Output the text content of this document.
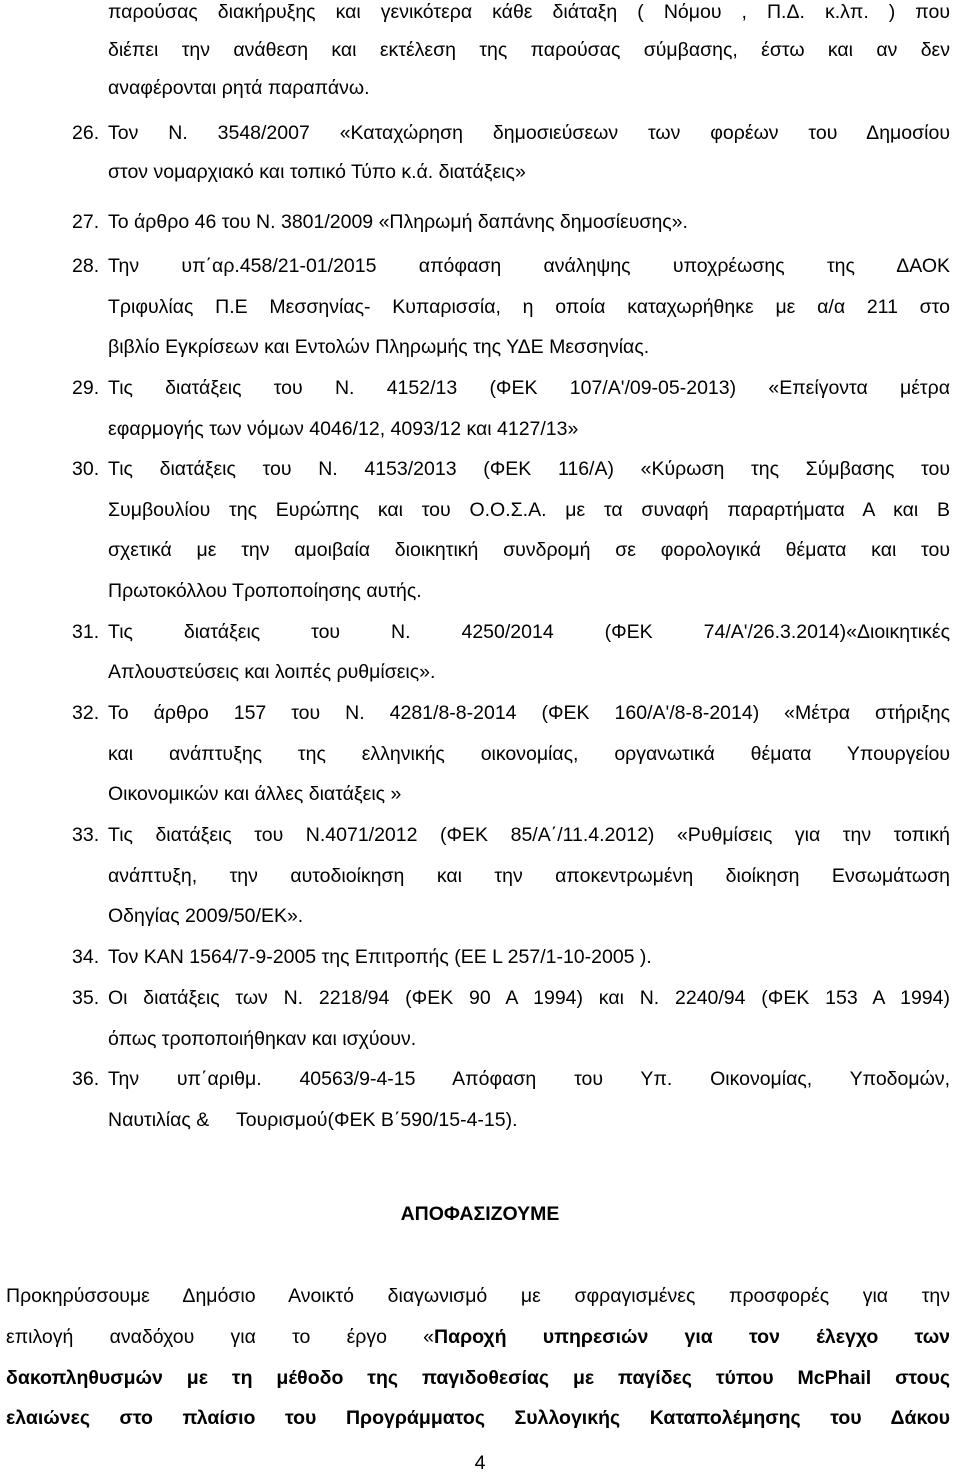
παρούσας διακήρυξης και γενικότερα κάθε διάταξη ( Νόμου , Π.Δ. κ.λπ. ) που
διέπει την ανάθεση και εκτέλεση της παρούσας σύμβασης, έστω και αν δεν
αναφέρονται ρητά παραπάνω.
26. Τον Ν. 3548/2007 «Καταχώρηση δημοσιεύσεων των φορέων του Δημοσίου
στον νομαρχιακό και τοπικό Τύπο κ.ά. διατάξεις»
27. Το άρθρο 46 του Ν. 3801/2009 «Πληρωμή δαπάνης δημοσίευσης».
28. Την υπ΄αρ.458/21-01/2015 απόφαση ανάληψης υποχρέωσης της ΔΑΟΚ
Τριφυλίας Π.Ε Μεσσηνίας- Κυπαρισσία, η οποία καταχωρήθηκε με α/α 211 στο
βιβλίο Εγκρίσεων και Εντολών Πληρωμής της ΥΔΕ Μεσσηνίας.
29. Τις διατάξεις του Ν. 4152/13 (ΦΕΚ 107/Α'/09-05-2013) «Επείγοντα μέτρα
εφαρμογής των νόμων 4046/12, 4093/12 και 4127/13»
30. Τις διατάξεις του Ν. 4153/2013 (ΦΕΚ 116/Α) «Κύρωση της Σύμβασης του
Συμβουλίου της Ευρώπης και του Ο.Ο.Σ.Α. με τα συναφή παραρτήματα Α και Β
σχετικά με την αμοιβαία διοικητική συνδρομή σε φορολογικά θέματα και του
Πρωτοκόλλου Τροποποίησης αυτής.
31. Τις διατάξεις του Ν. 4250/2014 (ΦΕΚ 74/Α'/26.3.2014)«Διοικητικές
Απλουστεύσεις και λοιπές ρυθμίσεις».
32. Το άρθρο 157 του Ν. 4281/8-8-2014 (ΦΕΚ 160/Α'/8-8-2014) «Μέτρα στήριξης
και ανάπτυξης της ελληνικής οικονομίας, οργανωτικά θέματα Υπουργείου
Οικονομικών και άλλες διατάξεις »
33. Τις διατάξεις του Ν.4071/2012 (ΦΕΚ 85/Α΄/11.4.2012) «Ρυθμίσεις για την τοπική
ανάπτυξη, την αυτοδιοίκηση και την αποκεντρωμένη διοίκηση Ενσωμάτωση
Οδηγίας 2009/50/ΕΚ».
34. Τον ΚΑΝ 1564/7-9-2005 της Επιτροπής (ΕΕ L 257/1-10-2005 ).
35. Οι διατάξεις των Ν. 2218/94 (ΦΕΚ 90 Α 1994) και Ν. 2240/94 (ΦΕΚ 153 Α 1994)
όπως τροποποιήθηκαν και ισχύουν.
36. Την υπ΄αριθμ. 40563/9-4-15 Απόφαση του Υπ. Οικονομίας, Υποδομών,
Ναυτιλίας &     Τουρισμού(ΦΕΚ Β΄590/15-4-15).
ΑΠΟΦΑΣΙΖΟΥΜΕ
Προκηρύσσουμε Δημόσιο Ανοικτό διαγωνισμό με σφραγισμένες προσφορές για την
επιλογή αναδόχου για το έργο «Παροχή υπηρεσιών για τον έλεγχο των
δακοπληθυσμών με τη μέθοδο της παγιδοθεσίας με παγίδες τύπου McPhail στους
ελαιώνες στο πλαίσιο του Προγράμματος Συλλογικής Καταπολέμησης του Δάκου
4
